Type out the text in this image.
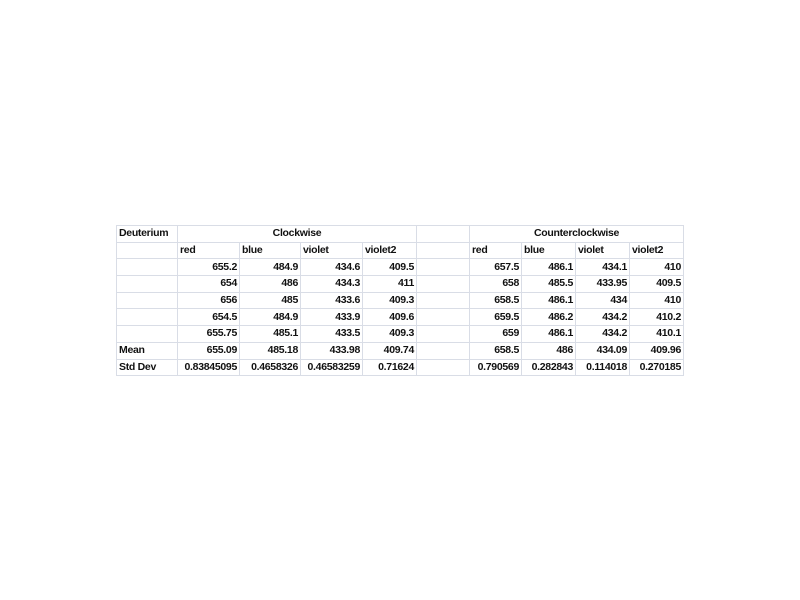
Deuterium	Clockwise					Counterclockwise			
	red	blue	violet	violet2		red	blue	violet	violet2
	655.2	484.9	434.6	409.5		657.5	486.1	434.1	410
	654	486	434.3	411		658	485.5	433.95	409.5
	656	485	433.6	409.3		658.5	486.1	434	410
	654.5	484.9	433.9	409.6		659.5	486.2	434.2	410.2
	655.75	485.1	433.5	409.3		659	486.1	434.2	410.1
Mean	655.09	485.18	433.98	409.74		658.5	486	434.09	409.96
Std Dev	0.83845095	0.4658326	0.46583259	0.71624		0.790569	0.282843	0.114018	0.270185
